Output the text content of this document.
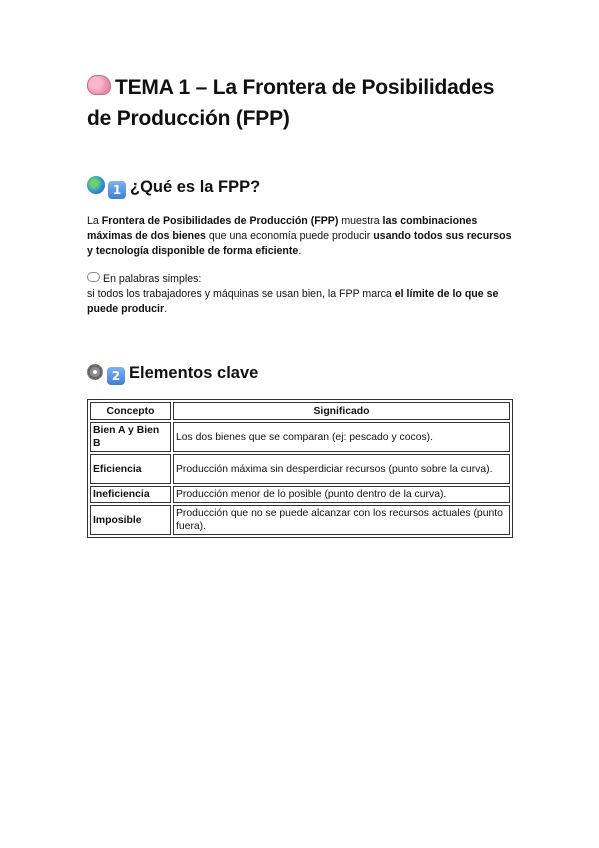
TEMA 1 – La Frontera de Posibilidades de Producción (FPP)
1 ¿Qué es la FPP?
La Frontera de Posibilidades de Producción (FPP) muestra las combinaciones máximas de dos bienes que una economía puede producir usando todos sus recursos y tecnología disponible de forma eficiente.
En palabras simples:
si todos los trabajadores y máquinas se usan bien, la FPP marca el límite de lo que se puede producir.
2 Elementos clave
Concepto	Significado
Bien A y Bien B	Los dos bienes que se comparan (ej: pescado y cocos).
Eficiencia	Producción máxima sin desperdiciar recursos (punto sobre la curva).
Ineficiencia	Producción menor de lo posible (punto dentro de la curva).
Imposible	Producción que no se puede alcanzar con los recursos actuales (punto fuera).
